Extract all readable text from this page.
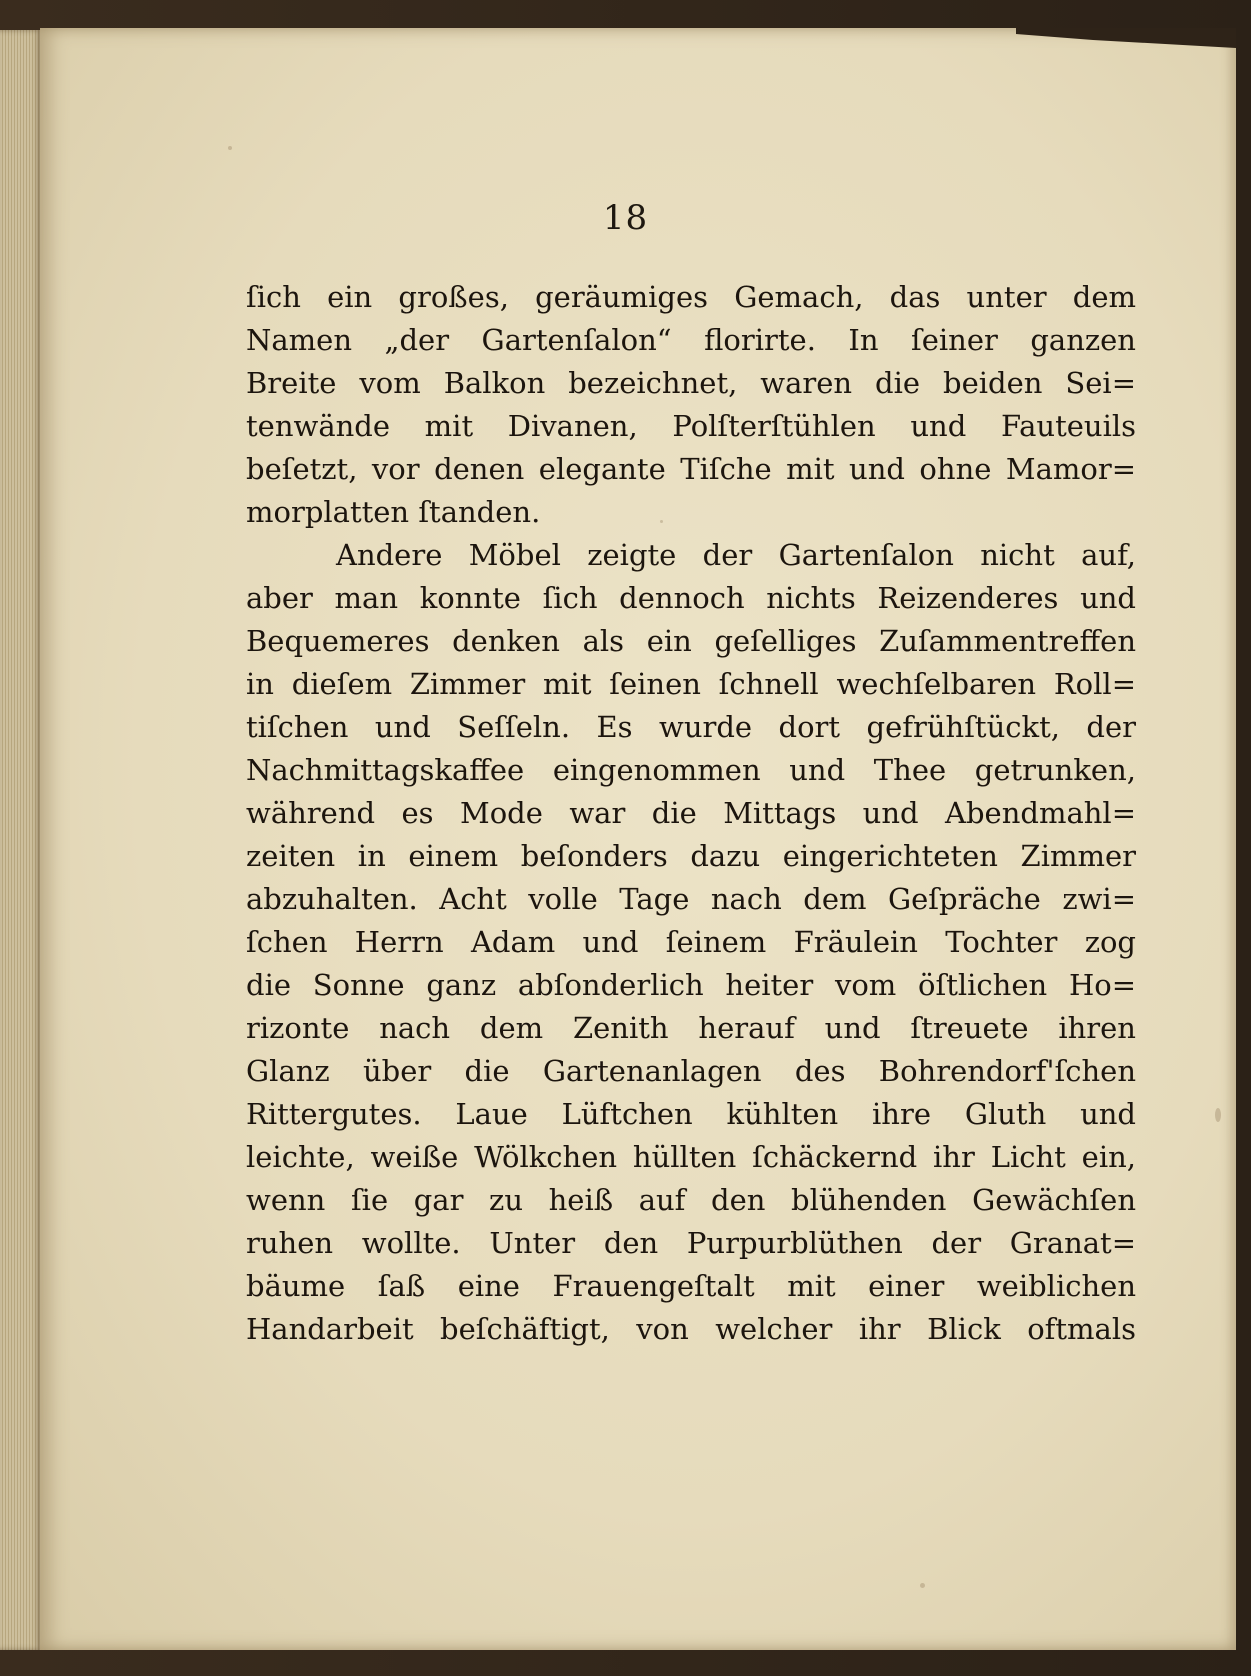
18
ſich ein großes, geräumiges Gemach, das unter dem
Namen „der Gartenſalon“ florirte. In ſeiner ganzen
Breite vom Balkon bezeichnet, waren die beiden Sei=
tenwände mit Divanen, Polſterſtühlen und Fauteuils
beſetzt, vor denen elegante Tiſche mit und ohne Mamor=
morplatten ſtanden.
Andere Möbel zeigte der Gartenſalon nicht auf,
aber man konnte ſich dennoch nichts Reizenderes und
Bequemeres denken als ein geſelliges Zuſammentreffen
in dieſem Zimmer mit ſeinen ſchnell wechſelbaren Roll=
tiſchen und Seſſeln. Es wurde dort gefrühſtückt, der
Nachmittagskaffee eingenommen und Thee getrunken,
während es Mode war die Mittags und Abendmahl=
zeiten in einem beſonders dazu eingerichteten Zimmer
abzuhalten. Acht volle Tage nach dem Geſpräche zwi=
ſchen Herrn Adam und ſeinem Fräulein Tochter zog
die Sonne ganz abſonderlich heiter vom öſtlichen Ho=
rizonte nach dem Zenith herauf und ſtreuete ihren
Glanz über die Gartenanlagen des Bohrendorf'ſchen
Rittergutes. Laue Lüftchen kühlten ihre Gluth und
leichte, weiße Wölkchen hüllten ſchäckernd ihr Licht ein,
wenn ſie gar zu heiß auf den blühenden Gewächſen
ruhen wollte. Unter den Purpurblüthen der Granat=
bäume ſaß eine Frauengeſtalt mit einer weiblichen
Handarbeit beſchäftigt, von welcher ihr Blick oftmals
